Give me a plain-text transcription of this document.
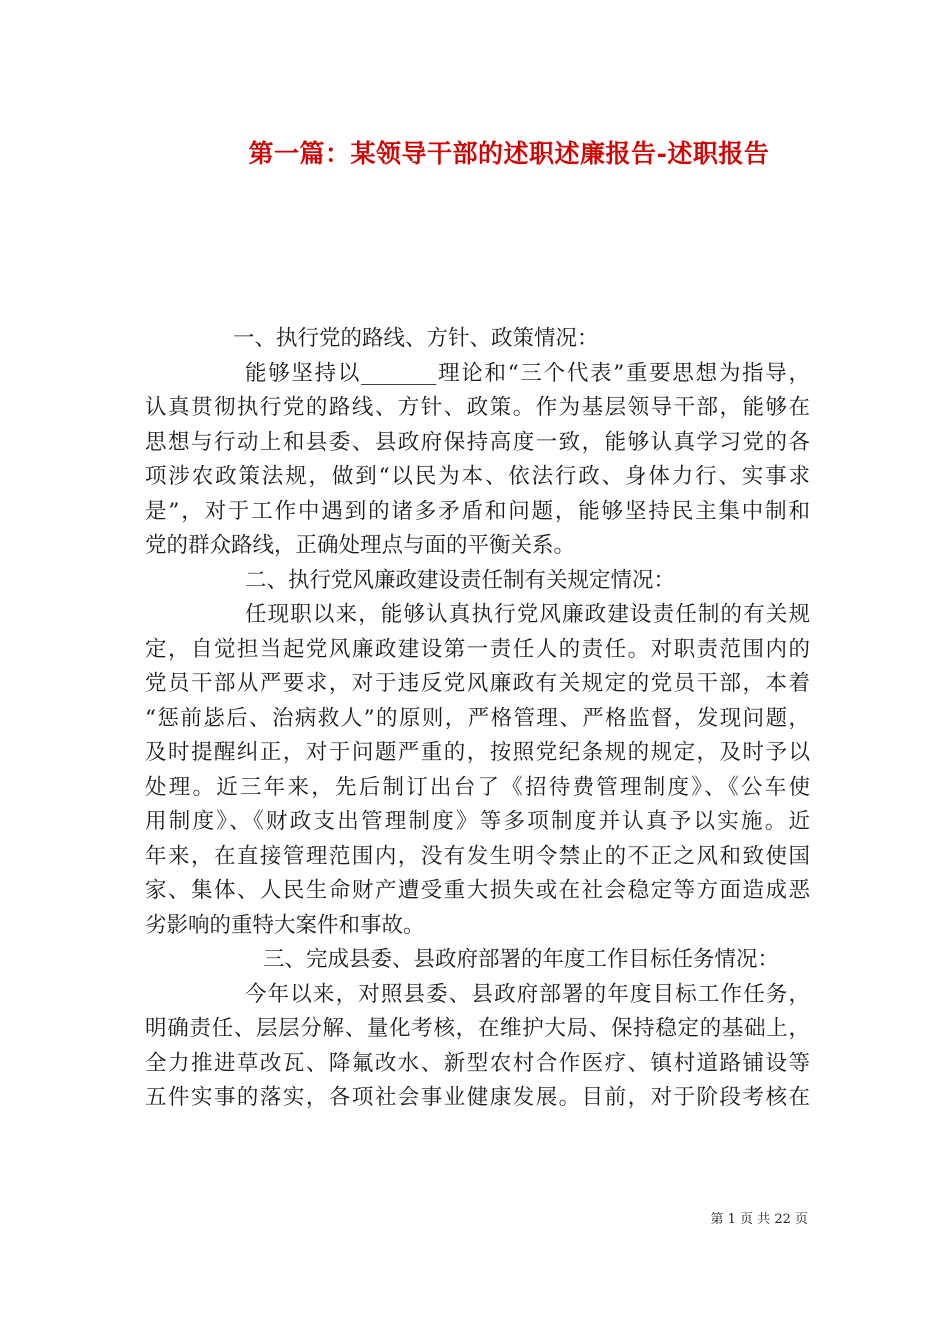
第一篇：某领导干部的述职述廉报告-述职报告
一、执行党的路线、方针、政策情况：
能够坚持以_______理论和“三个代表”重要思想为指导，
认真贯彻执行党的路线、方针、政策。作为基层领导干部，能够在
思想与行动上和县委、县政府保持高度一致，能够认真学习党的各
项涉农政策法规，做到“以民为本、依法行政、身体力行、实事求
是”，对于工作中遇到的诸多矛盾和问题，能够坚持民主集中制和
党的群众路线，正确处理点与面的平衡关系。
二、执行党风廉政建设责任制有关规定情况：
任现职以来，能够认真执行党风廉政建设责任制的有关规
定，自觉担当起党风廉政建设第一责任人的责任。对职责范围内的
党员干部从严要求，对于违反党风廉政有关规定的党员干部，本着
“惩前毖后、治病救人”的原则，严格管理、严格监督，发现问题，
及时提醒纠正，对于问题严重的，按照党纪条规的规定，及时予以
处理。近三年来，先后制订出台了《招待费管理制度》、《公车使
用制度》、《财政支出管理制度》等多项制度并认真予以实施。近
年来，在直接管理范围内，没有发生明令禁止的不正之风和致使国
家、集体、人民生命财产遭受重大损失或在社会稳定等方面造成恶
劣影响的重特大案件和事故。
三、完成县委、县政府部署的年度工作目标任务情况：
今年以来，对照县委、县政府部署的年度目标工作任务，
明确责任、层层分解、量化考核，在维护大局、保持稳定的基础上，
全力推进草改瓦、降氟改水、新型农村合作医疗、镇村道路铺设等
五件实事的落实，各项社会事业健康发展。目前，对于阶段考核在
第 1 页 共 22 页
